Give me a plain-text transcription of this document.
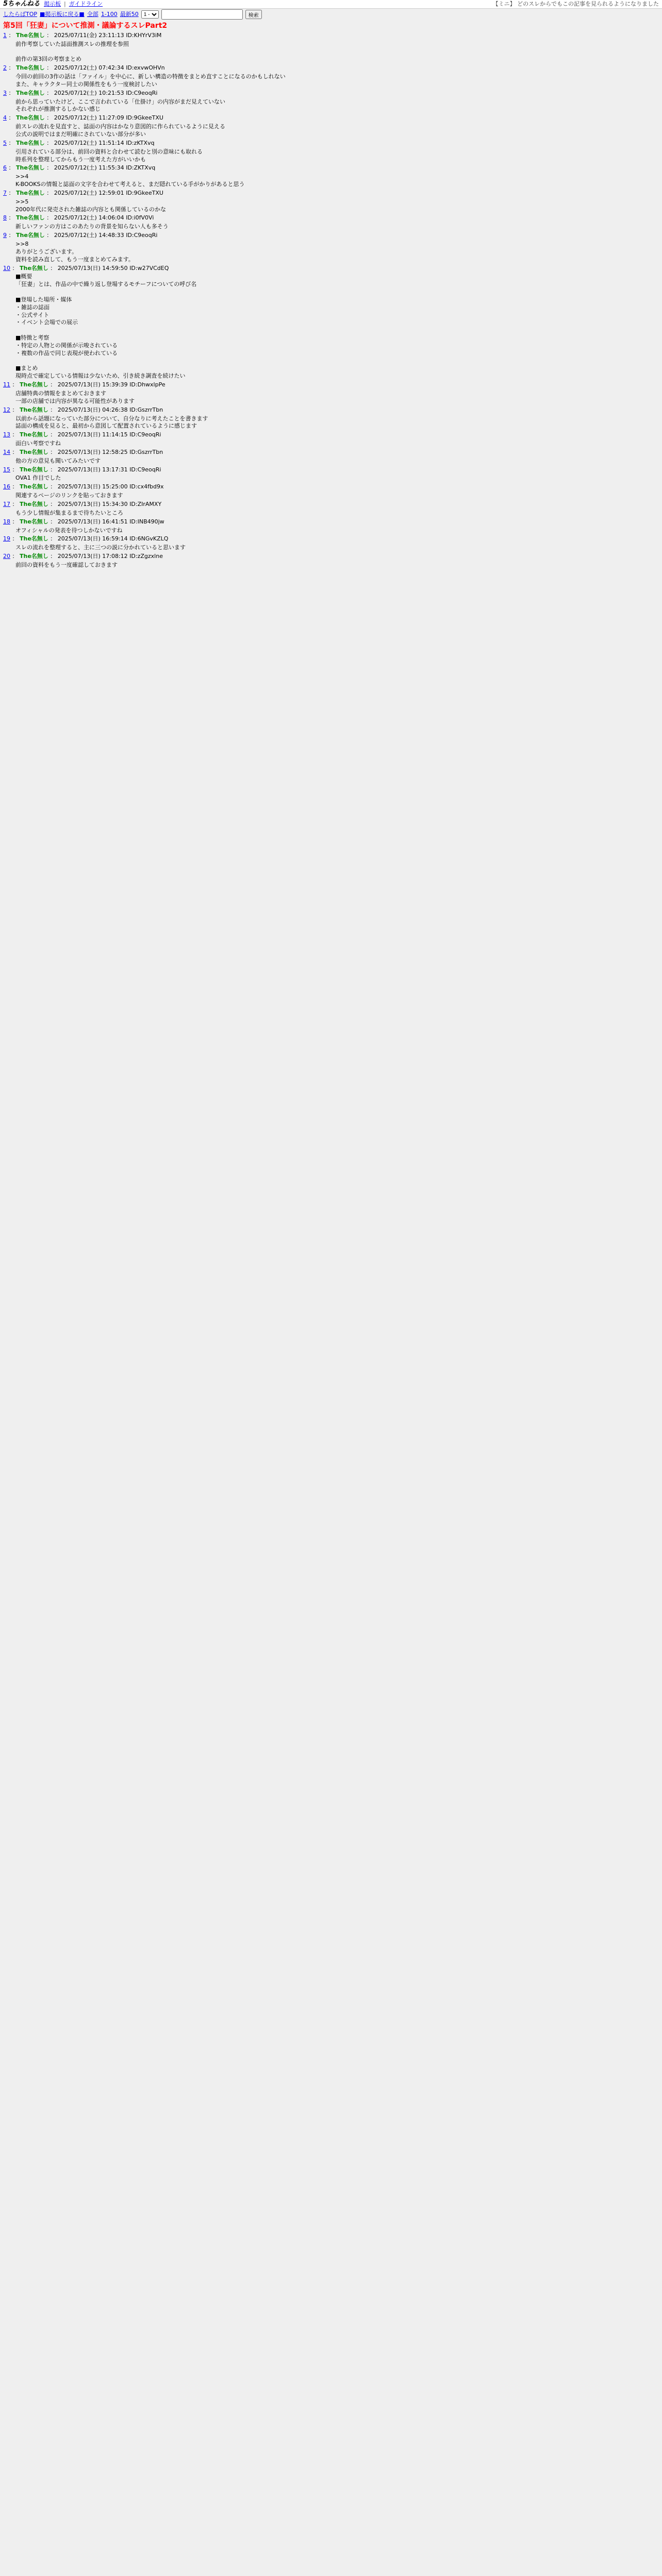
5ちゃんねる 掲示板 | ガイドライン	【ミニ】 どのスレからでもこの記事を見られるようになりました
したらばTOP ■掲示板に戻る■ 全部 1-100 最新50
1 -	検索
第5回「狂妻」について推測・議論するスレPart2
1 ： The名無し ： 2025/07/11(金) 23:11:13 ID:KHYrV3iM
前作考察していた誌面推測スレの推理を参照

前作の第3回の考察まとめ
2 ： The名無し ： 2025/07/12(土) 07:42:34 ID:exvwOHVn
今回の前回の3作の話は「ファイル」を中心に、新しい構造の特徴をまとめ直すことになるのかもしれない
また、キャラクター同士の関係性をもう一度検討したい
3 ： The名無し ： 2025/07/12(土) 10:21:53 ID:C9eoqRi
前から思っていたけど、ここで言われている「仕掛け」の内容がまだ見えていない
それぞれが推測するしかない感じ
4 ： The名無し ： 2025/07/12(土) 11:27:09 ID:9GkeeTXU
前スレの流れを見直すと、誌面の内容はかなり意図的に作られているように見える
公式の説明ではまだ明確にされていない部分が多い
5 ： The名無し ： 2025/07/12(土) 11:51:14 ID:zKTXvq
引用されている部分は、前回の資料と合わせて読むと別の意味にも取れる
時系列を整理してからもう一度考えた方がいいかも
6 ： The名無し ： 2025/07/12(土) 11:55:34 ID:ZKTXvq
>>4
K-BOOKSの情報と誌面の文字を合わせて考えると、まだ隠れている手がかりがあると思う
7 ： The名無し ： 2025/07/12(土) 12:59:01 ID:9GkeeTXU
>>5
2000年代に発売された雑誌の内容とも関係しているのかな
8 ： The名無し ： 2025/07/12(土) 14:06:04 ID:i0fV0Vi
新しいファンの方はこのあたりの背景を知らない人も多そう
9 ： The名無し ： 2025/07/12(土) 14:48:33 ID:C9eoqRi
>>8
ありがとうございます。
資料を読み直して、もう一度まとめてみます。
10 ： The名無し ： 2025/07/13(日) 14:59:50 ID:w27VCdEQ
■概要
「狂妻」とは、作品の中で繰り返し登場するモチーフについての呼び名

■登場した場所・媒体
・雑誌の誌面
・公式サイト
・イベント会場での展示

■特徴と考察
・特定の人物との関係が示唆されている
・複数の作品で同じ表現が使われている

■まとめ
現時点で確定している情報は少ないため、引き続き調査を続けたい
11 ： The名無し ： 2025/07/13(日) 15:39:39 ID:DhwxlpPe
店舗特典の情報をまとめておきます
一部の店舗では内容が異なる可能性があります
12 ： The名無し ： 2025/07/13(日) 04:26:38 ID:GszrrTbn
以前から話題になっていた部分について、自分なりに考えたことを書きます
誌面の構成を見ると、最初から意図して配置されているように感じます
13 ： The名無し ： 2025/07/13(日) 11:14:15 ID:C9eoqRi
面白い考察ですね
14 ： The名無し ： 2025/07/13(日) 12:58:25 ID:GszrrTbn
他の方の意見も聞いてみたいです
15 ： The名無し ： 2025/07/13(日) 13:17:31 ID:C9eoqRi
OVA1 作目でした
16 ： The名無し ： 2025/07/13(日) 15:25:00 ID:cx4fbd9x
関連するページのリンクを貼っておきます
17 ： The名無し ： 2025/07/13(日) 15:34:30 ID:ZIrAMXY
もう少し情報が集まるまで待ちたいところ
18 ： The名無し ： 2025/07/13(日) 16:41:51 ID:INB490jw
オフィシャルの発表を待つしかないですね
19 ： The名無し ： 2025/07/13(日) 16:59:14 ID:6NGvKZLQ
スレの流れを整理すると、主に三つの説に分かれていると思います
20 ： The名無し ： 2025/07/13(日) 17:08:12 ID:zZgzxlne
前回の資料をもう一度確認しておきます
